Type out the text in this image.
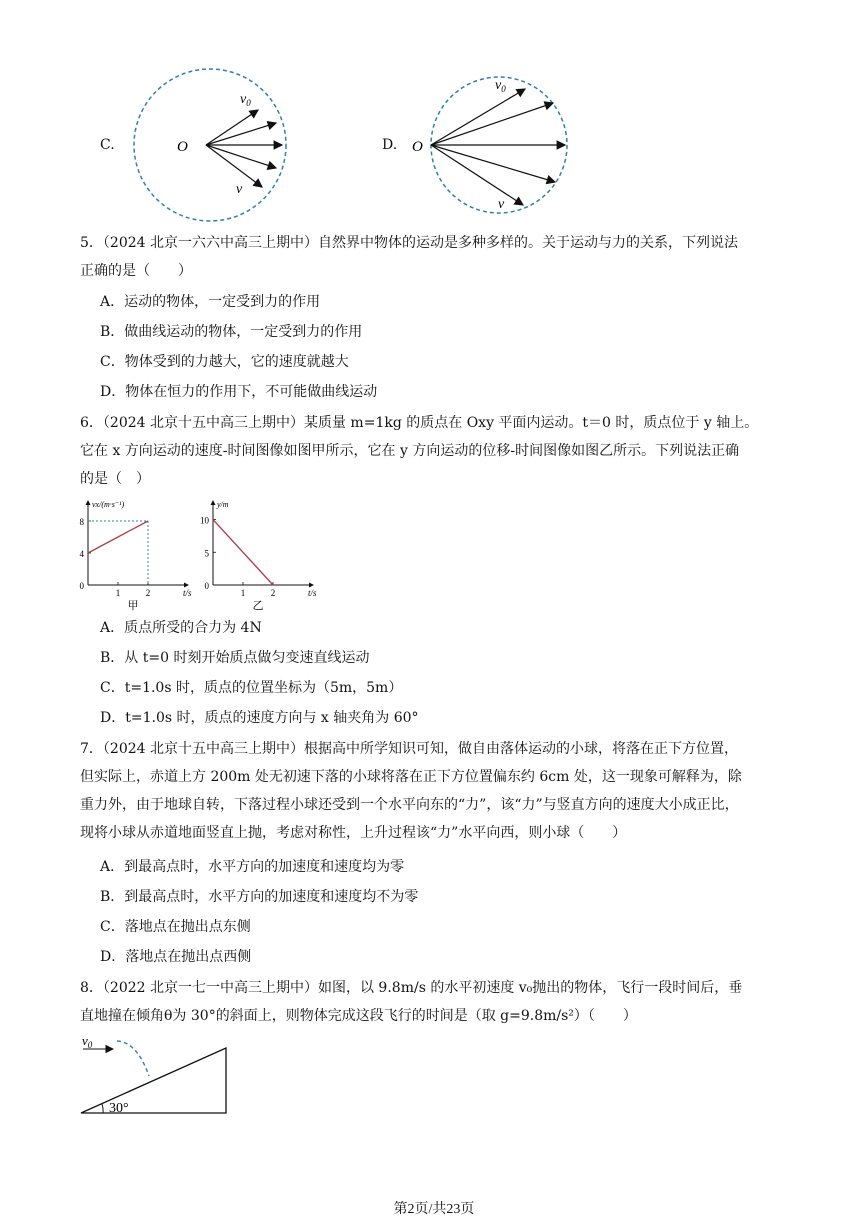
C.	O
$v_0$
v
D. O
$v_0$
v
5．（2024 北京一六六中高三上期中）自然界中物体的运动是多种多样的。关于运动与力的关系，下列说法
正确的是（　　）
A．运动的物体，一定受到力的作用
B．做曲线运动的物体，一定受到力的作用
C．物体受到的力越大，它的速度就越大
D．物体在恒力的作用下，不可能做曲线运动
6．（2024 北京十五中高三上期中）某质量 m=1kg 的质点在 Oxy 平面内运动。t＝0 时，质点位于 y 轴上。
它在 x 方向运动的速度-时间图像如图甲所示，它在 y 方向运动的位移-时间图像如图乙所示。下列说法正确
的是（　）
0
4
8
1	2
vx/(m·s⁻¹)
t/s
甲
0
5
10
1	2
y/m
t/s
乙
A．质点所受的合力为 4N
B．从 t=0 时刻开始质点做匀变速直线运动
C．t=1.0s 时，质点的位置坐标为（5m，5m）
D．t=1.0s 时，质点的速度方向与 x 轴夹角为 60°
7．（2024 北京十五中高三上期中）根据高中所学知识可知，做自由落体运动的小球，将落在正下方位置，
但实际上，赤道上方 200m 处无初速下落的小球将落在正下方位置偏东约 6cm 处，这一现象可解释为，除
重力外，由于地球自转，下落过程小球还受到一个水平向东的“力”，该“力”与竖直方向的速度大小成正比，
现将小球从赤道地面竖直上抛，考虑对称性，上升过程该“力”水平向西，则小球（　　）
A．到最高点时，水平方向的加速度和速度均为零
B．到最高点时，水平方向的加速度和速度均不为零
C．落地点在抛出点东侧
D．落地点在抛出点西侧
8．（2022 北京一七一中高三上期中）如图，以 9.8m/s 的水平初速度 v₀抛出的物体，飞行一段时间后，垂
直地撞在倾角θ为 30°的斜面上，则物体完成这段飞行的时间是（取 g=9.8m/s²）（　　）
$v_0$
30°
第2页/共23页
